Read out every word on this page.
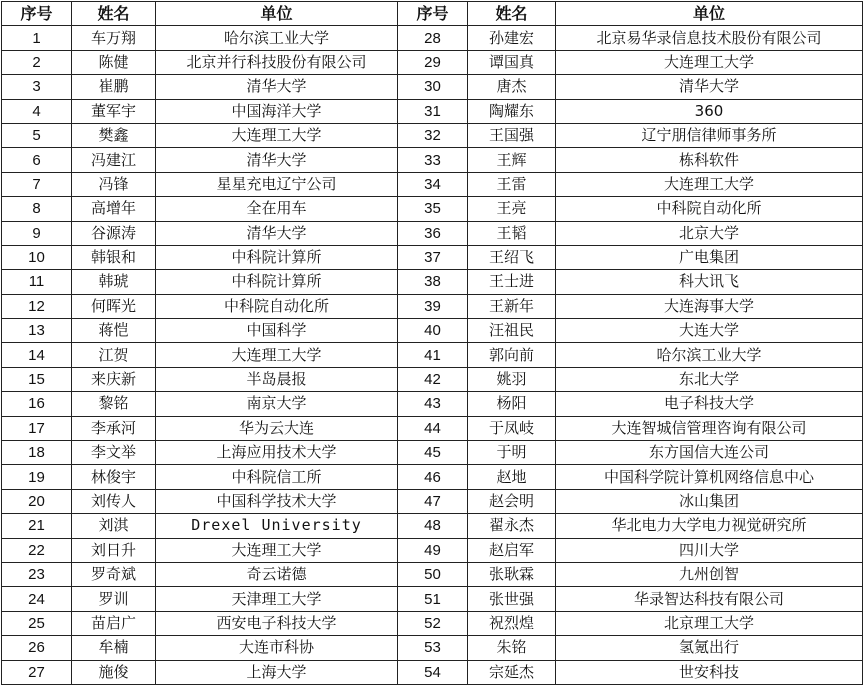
序号	姓名	单位	序号	姓名	单位
1	车万翔	哈尔滨工业大学	28	孙建宏	北京易华录信息技术股份有限公司
2	陈健	北京并行科技股份有限公司	29	谭国真	大连理工大学
3	崔鹏	清华大学	30	唐杰	清华大学
4	董军宇	中国海洋大学	31	陶耀东	360
5	樊鑫	大连理工大学	32	王国强	辽宁朋信律师事务所
6	冯建江	清华大学	33	王辉	栋科软件
7	冯锋	星星充电辽宁公司	34	王雷	大连理工大学
8	高增年	全在用车	35	王亮	中科院自动化所
9	谷源涛	清华大学	36	王韬	北京大学
10	韩银和	中科院计算所	37	王绍飞	广电集团
11	韩琥	中科院计算所	38	王士进	科大讯飞
12	何晖光	中科院自动化所	39	王新年	大连海事大学
13	蒋恺	中国科学	40	汪祖民	大连大学
14	江贺	大连理工大学	41	郭向前	哈尔滨工业大学
15	来庆新	半岛晨报	42	姚羽	东北大学
16	黎铭	南京大学	43	杨阳	电子科技大学
17	李承河	华为云大连	44	于凤岐	大连智城信管理咨询有限公司
18	李文举	上海应用技术大学	45	于明	东方国信大连公司
19	林俊宇	中科院信工所	46	赵地	中国科学院计算机网络信息中心
20	刘传人	中国科学技术大学	47	赵会明	冰山集团
21	刘淇	Drexel University	48	翟永杰	华北电力大学电力视觉研究所
22	刘日升	大连理工大学	49	赵启军	四川大学
23	罗奇斌	奇云诺德	50	张耿霖	九州创智
24	罗训	天津理工大学	51	张世强	华录智达科技有限公司
25	苗启广	西安电子科技大学	52	祝烈煌	北京理工大学
26	牟楠	大连市科协	53	朱铭	氢氪出行
27	施俊	上海大学	54	宗延杰	世安科技
